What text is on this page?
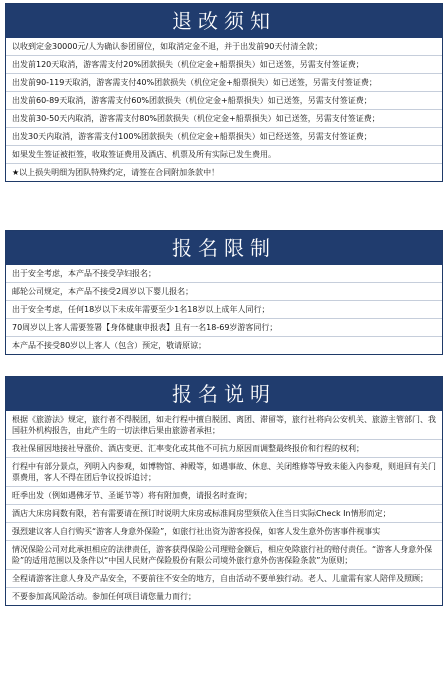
退改须知
以收到定金30000元/人为确认参团留位，如取消定金不退，并于出发前90天付清全款；
出发前120天取消，游客需支付20%团款损失（机位定金+船票损失）如已送签，另需支付签证费；
出发前90-119天取消，游客需支付40%团款损失（机位定金+船票损失）如已送签，另需支付签证费；
出发前60-89天取消，游客需支付60%团款损失（机位定金+船票损失）如已送签，另需支付签证费；
出发前30-50天内取消，游客需支付80%团款损失（机位定金+船票损失）如已送签，另需支付签证费；
出发30天内取消，游客需支付100%团款损失（机位定金+船票损失）如已经送签，另需支付签证费；
如果发生签证被拒签，收取签证费用及酒店、机票及所有实际已发生费用。
★以上损失明细为团队特殊约定，请签在合同附加条款中！
报名限制
出于安全考虑，本产品不接受孕妇报名；
邮轮公司规定，本产品不接受2周岁以下婴儿报名；
出于安全考虑，任何18岁以下未成年需要至少1名18岁以上成年人同行；
70周岁以上客人需要签署【身体健康申报表】且有一名18-69岁游客同行；
本产品不接受80岁以上客人（包含）预定，敬请原谅；
报名说明
根据《旅游法》规定，旅行者不得脱团，如走行程中擅自脱团、离团、滞留等，旅行社将向公安机关、旅游主管部门、我国驻外机构报告，由此产生的一切法律后果由旅游者承担；
我社保留因地接社导涨价、酒店变更、汇率变化或其他不可抗力原因而调整最终报价和行程的权利；
行程中有部分景点，列明入内参观，如博物馆、神殿等，如遇事故、休息、关闭维修等导致未能入内参观，则退回有关门票费用，客人不得在团后争议投诉追讨；
旺季出发（例如遇佛牙节、圣诞节等）将有附加费，请报名时查询；
酒店大床房间数有限，若有需要请在预订时说明大床房或标准间房型须依入住当日实际Check In情形而定；
强烈建议客人自行购买“游客人身意外保险”，如旅行社出资为游客投保，如客人发生意外伤害事件视事实
情况保险公司对此承担相应的法律责任，游客获得保险公司理赔金额后，相应免除旅行社的赔付责任。“游客人身意外保险”的适用范围以及条件以“中国人民财产保险股份有限公司境外旅行意外伤害保险条款”为原则；
全程请游客注意人身及产品安全，不要前往不安全的地方，自由活动不要单独行动。老人、儿童需有家人陪伴及照顾；
不要参加高风险活动。参加任何项目请您量力而行；
